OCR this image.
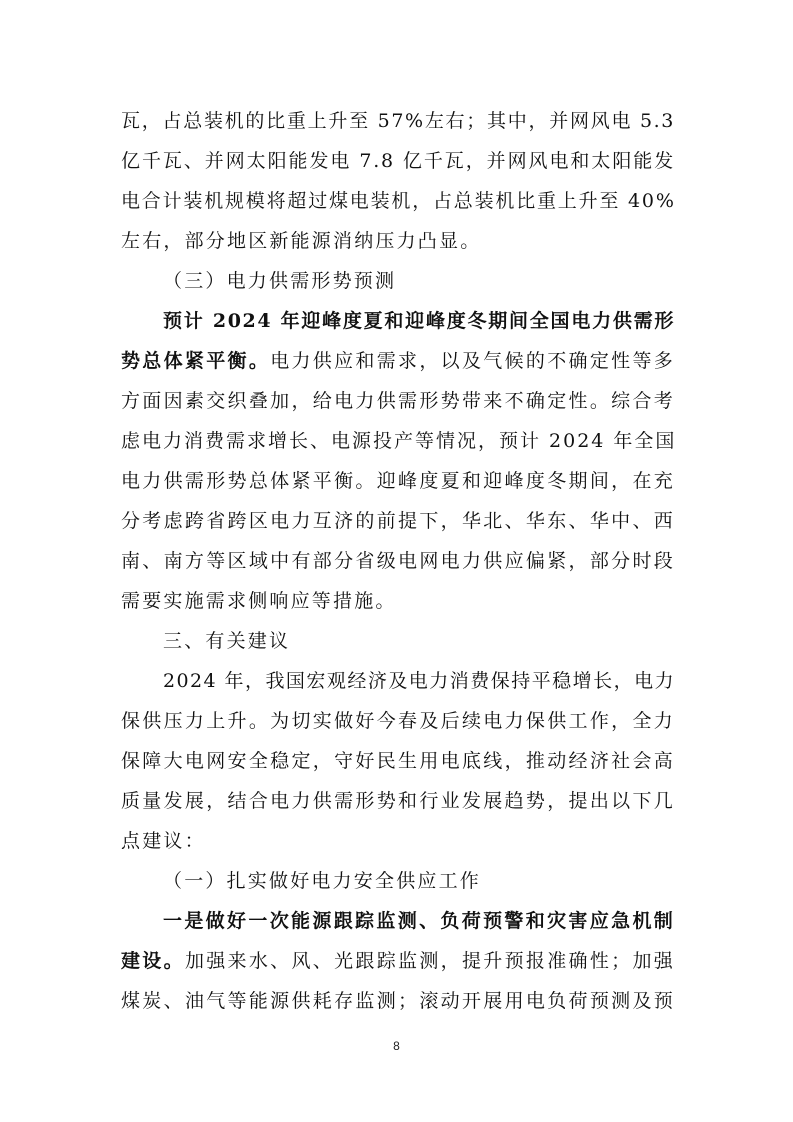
瓦，占总装机的比重上升至 57%左右；其中，并网风电 5.3
亿千瓦、并网太阳能发电 7.8 亿千瓦，并网风电和太阳能发
电合计装机规模将超过煤电装机，占总装机比重上升至 40%
左右，部分地区新能源消纳压力凸显。
（三）电力供需形势预测
预计 2024 年迎峰度夏和迎峰度冬期间全国电力供需形
势总体紧平衡。电力供应和需求，以及气候的不确定性等多
方面因素交织叠加，给电力供需形势带来不确定性。综合考
虑电力消费需求增长、电源投产等情况，预计 2024 年全国
电力供需形势总体紧平衡。迎峰度夏和迎峰度冬期间，在充
分考虑跨省跨区电力互济的前提下，华北、华东、华中、西
南、南方等区域中有部分省级电网电力供应偏紧，部分时段
需要实施需求侧响应等措施。
三、有关建议
2024 年，我国宏观经济及电力消费保持平稳增长，电力
保供压力上升。为切实做好今春及后续电力保供工作，全力
保障大电网安全稳定，守好民生用电底线，推动经济社会高
质量发展，结合电力供需形势和行业发展趋势，提出以下几
点建议：
（一）扎实做好电力安全供应工作
一是做好一次能源跟踪监测、负荷预警和灾害应急机制
建设。加强来水、风、光跟踪监测，提升预报准确性；加强
煤炭、油气等能源供耗存监测；滚动开展用电负荷预测及预
8
